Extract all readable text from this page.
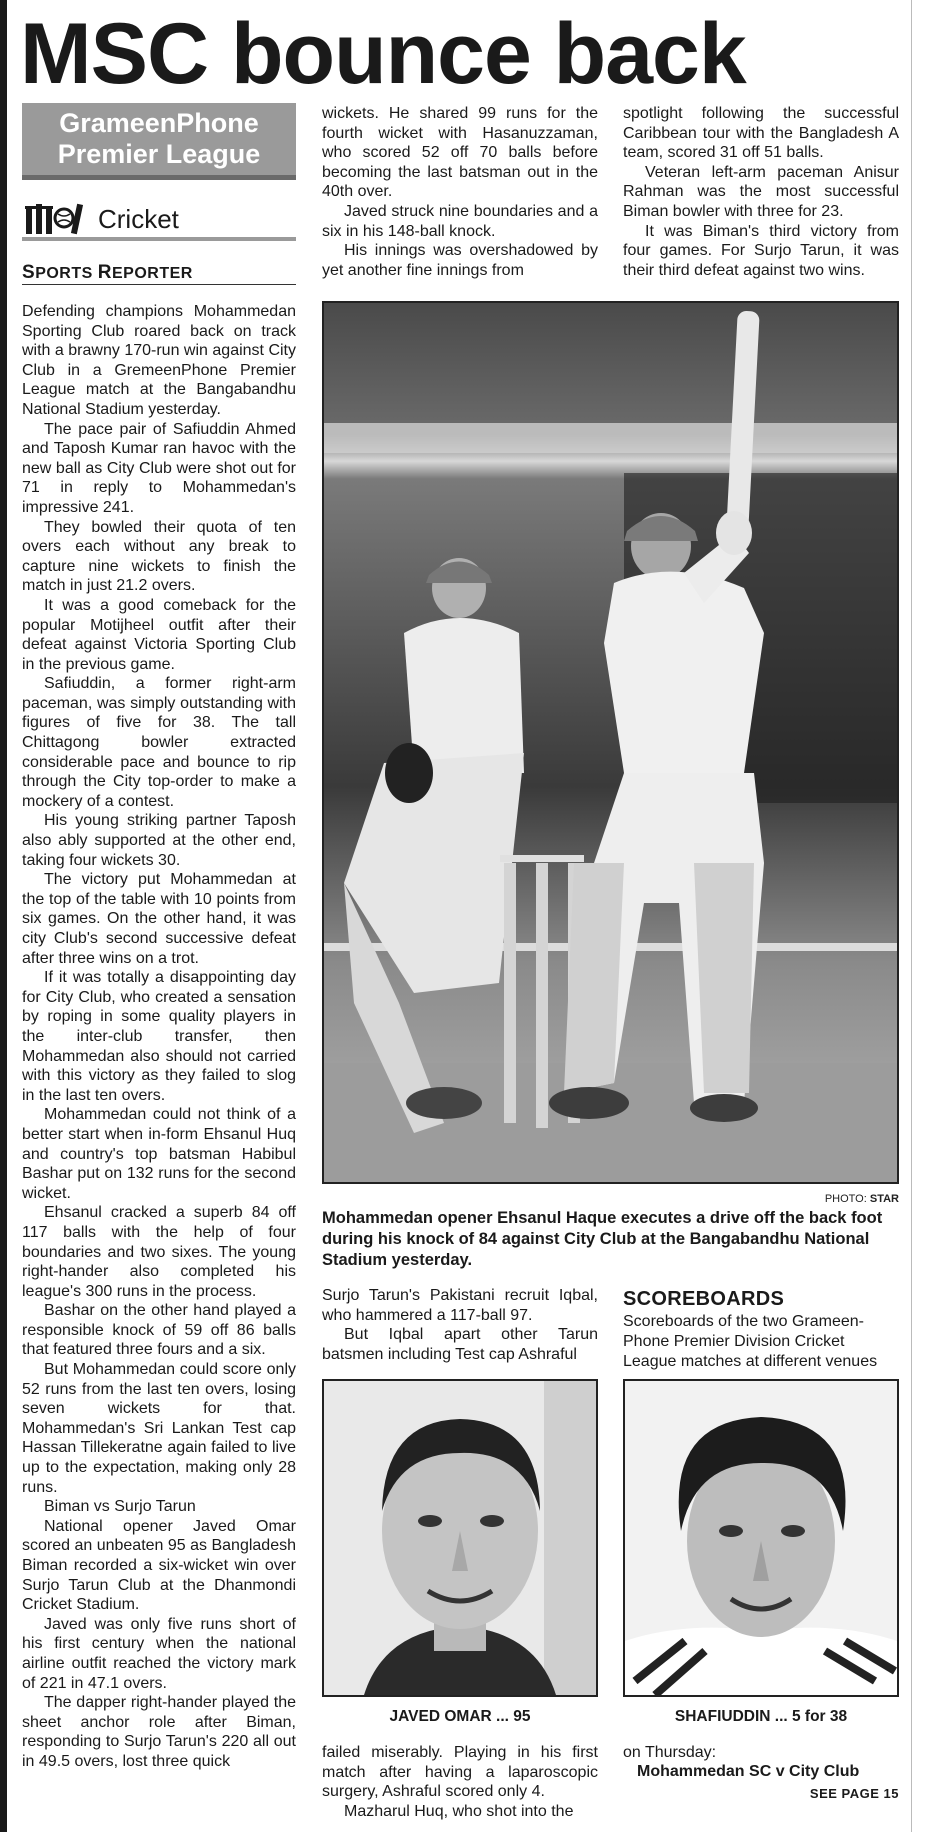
MSC bounce back
GrameenPhone
Premier League
Cricket
SPORTS REPORTER

Defending champions Mohammedan Sporting Club roared back on track with a brawny 170-run win against City Club in a GremeenPhone Premier League match at the Bangabandhu National Stadium yesterday.

The pace pair of Safiuddin Ahmed and Taposh Kumar ran havoc with the new ball as City Club were shot out for 71 in reply to Mohammedan's impressive 241.

They bowled their quota of ten overs each without any break to capture nine wickets to finish the match in just 21.2 overs.

It was a good comeback for the popular Motijheel outfit after their defeat against Victoria Sporting Club in the previous game.

Safiuddin, a former right-arm paceman, was simply outstanding with figures of five for 38. The tall Chittagong bowler extracted considerable pace and bounce to rip through the City top-order to make a mockery of a contest.

His young striking partner Taposh also ably supported at the other end, taking four wickets 30.

The victory put Mohammedan at the top of the table with 10 points from six games. On the other hand, it was city Club's second successive defeat after three wins on a trot.

If it was totally a disappointing day for City Club, who created a sensation by roping in some quality players in the inter-club transfer, then Mohammedan also should not carried with this victory as they failed to slog in the last ten overs.

Mohammedan could not think of a better start when in-form Ehsanul Huq and country's top batsman Habibul Bashar put on 132 runs for the second wicket.

Ehsanul cracked a superb 84 off 117 balls with the help of four boundaries and two sixes. The young right-hander also completed his league's 300 runs in the process.

Bashar on the other hand played a responsible knock of 59 off 86 balls that featured three fours and a six.

But Mohammedan could score only 52 runs from the last ten overs, losing seven wickets for that. Mohammedan's Sri Lankan Test cap Hassan Tillekeratne again failed to live up to the expectation, making only 28 runs.

Biman vs Surjo Tarun

National opener Javed Omar scored an unbeaten 95 as Bangladesh Biman recorded a six-wicket win over Surjo Tarun Club at the Dhanmondi Cricket Stadium.

Javed was only five runs short of his first century when the national airline outfit reached the victory mark of 221 in 47.1 overs.

The dapper right-hander played the sheet anchor role after Biman, responding to Surjo Tarun's 220 all out in 49.5 overs, lost three quick

wickets. He shared 99 runs for the fourth wicket with Hasanuzzaman, who scored 52 off 70 balls before becoming the last batsman out in the 40th over.

Javed struck nine boundaries and a six in his 148-ball knock.

His innings was overshadowed by yet another fine innings from

spotlight following the successful Caribbean tour with the Bangladesh A team, scored 31 off 51 balls.

Veteran left-arm paceman Anisur Rahman was the most successful Biman bowler with three for 23.

It was Biman's third victory from four games. For Surjo Tarun, it was their third defeat against two wins.

PHOTO: STAR
Mohammedan opener Ehsanul Haque executes a drive off the back foot during his knock of 84 against City Club at the Bangabandhu National Stadium yesterday.

Surjo Tarun's Pakistani recruit Iqbal, who hammered a 117-ball 97.

But Iqbal apart other Tarun batsmen including Test cap Ashraful

SCOREBOARDS
Scoreboards of the two Grameen-Phone Premier Division Cricket League matches at different venues
JAVED OMAR ... 95	SHAFIUDDIN ... 5 for 38

failed miserably. Playing in his first match after having a laparoscopic surgery, Ashraful scored only 4.

Mazharul Huq, who shot into the

on Thursday:
Mohammedan SC v City Club
SEE PAGE 15
